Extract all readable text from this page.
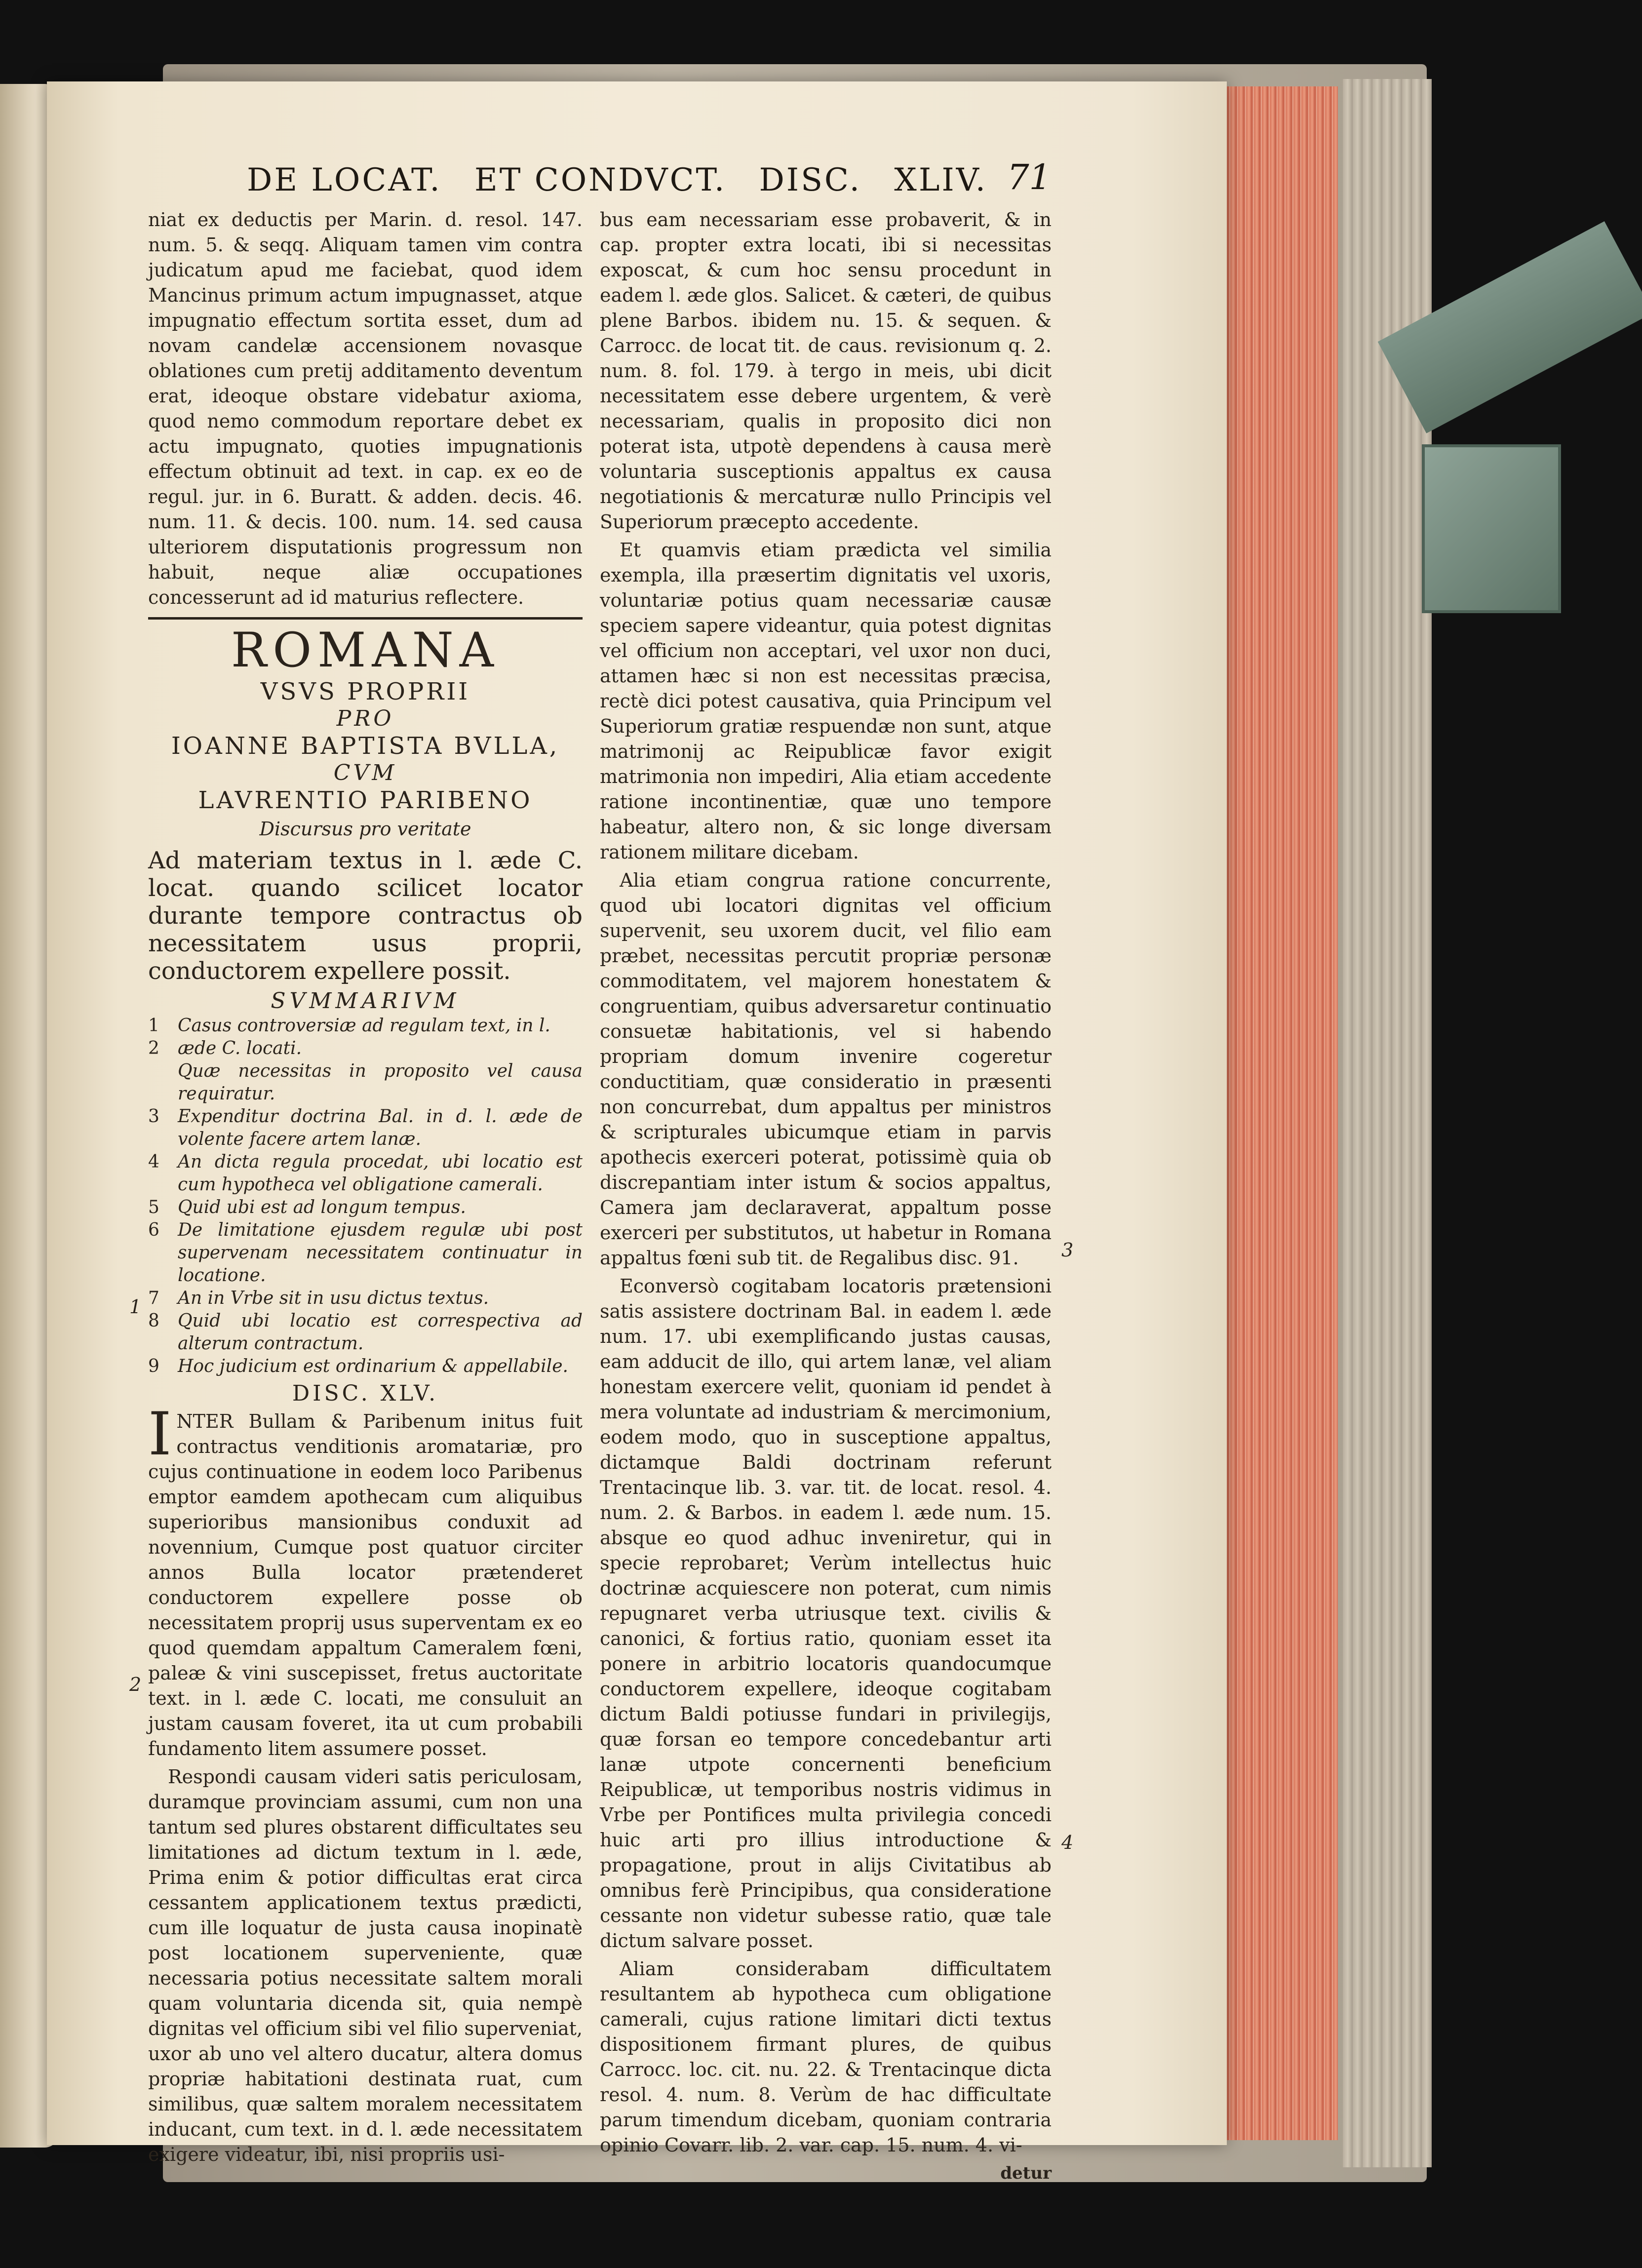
DE LOCAT. ET CONDVCT. DISC. XLIV. 71

niat ex deductis per Marin. d. resol. 147. num. 5. & seqq. Aliquam tamen vim contra judicatum apud me faciebat, quod idem Mancinus primum actum impugnasset, atque impugnatio effectum sortita esset, dum ad novam candelæ accensionem novasque oblationes cum pretij additamento deventum erat, ideoque obstare videbatur axioma, quod nemo commodum reportare debet ex actu impugnato, quoties impugnationis effectum obtinuit ad text. in cap. ex eo de regul. jur. in 6. Buratt. & adden. decis. 46. num. 11. & decis. 100. num. 14. sed causa ulteriorem disputationis progressum non habuit, neque aliæ occupationes concesserunt ad id maturius reflectere.

ROMANA
VSVS PROPRII
PRO
IOANNE BAPTISTA BVLLA,
CVM
LAVRENTIO PARIBENO
Discursus pro veritate
Ad materiam textus in l. æde C. locat. quando scilicet locator durante tempore contractus ob necessitatem usus proprii, conductorem expellere possit.
SVMMARIVM
1 Casus controversiæ ad regulam text, in l.
2 æde C. locati.
Quæ necessitas in proposito vel causa requiratur.
3 Expenditur doctrina Bal. in d. l. æde de volente facere artem lanæ.
4 An dicta regula procedat, ubi locatio est cum hypotheca vel obligatione camerali.
5 Quid ubi est ad longum tempus.
6 De limitatione ejusdem regulæ ubi post supervenam necessitatem continuatur in locatione.
7 An in Vrbe sit in usu dictus textus.
8 Quid ubi locatio est correspectiva ad alterum contractum.
9 Hoc judicium est ordinarium & appellabile.
DISC. XLV.

INTER Bullam & Paribenum initus fuit contractus venditionis aromatariæ, pro cujus continuatione in eodem loco Paribenus emptor eamdem apothecam cum aliquibus superioribus mansionibus conduxit ad novennium, Cumque post quatuor circiter annos Bulla locator prætenderet conductorem expellere posse ob necessitatem proprij usus superventam ex eo quod quemdam appaltum Cameralem fœni, paleæ & vini suscepisset, fretus auctoritate text. in l. æde C. locati, me consuluit an justam causam foveret, ita ut cum probabili fundamento litem assumere posset.

Respondi causam videri satis periculosam, duramque provinciam assumi, cum non una tantum sed plures obstarent difficultates seu limitationes ad dictum textum in l. æde, Prima enim & potior difficultas erat circa cessantem applicationem textus prædicti, cum ille loquatur de justa causa inopinatè post locationem superveniente, quæ necessaria potius necessitate saltem morali quam voluntaria dicenda sit, quia nempè dignitas vel officium sibi vel filio superveniat, uxor ab uno vel altero ducatur, altera domus propriæ habitationi destinata ruat, cum similibus, quæ saltem moralem necessitatem inducant, cum text. in d. l. æde necessitatem exigere videatur, ibi, nisi propriis usi-

bus eam necessariam esse probaverit, & in cap. propter extra locati, ibi si necessitas exposcat, & cum hoc sensu procedunt in eadem l. æde glos. Salicet. & cæteri, de quibus plene Barbos. ibidem nu. 15. & sequen. & Carrocc. de locat tit. de caus. revisionum q. 2. num. 8. fol. 179. à tergo in meis, ubi dicit necessitatem esse debere urgentem, & verè necessariam, qualis in proposito dici non poterat ista, utpotè dependens à causa merè voluntaria susceptionis appaltus ex causa negotiationis & mercaturæ nullo Principis vel Superiorum præcepto accedente.

Et quamvis etiam prædicta vel similia exempla, illa præsertim dignitatis vel uxoris, voluntariæ potius quam necessariæ causæ speciem sapere videantur, quia potest dignitas vel officium non acceptari, vel uxor non duci, attamen hæc si non est necessitas præcisa, rectè dici potest causativa, quia Principum vel Superiorum gratiæ respuendæ non sunt, atque matrimonij ac Reipublicæ favor exigit matrimonia non impediri, Alia etiam accedente ratione incontinentiæ, quæ uno tempore habeatur, altero non, & sic longe diversam rationem militare dicebam.

Alia etiam congrua ratione concurrente, quod ubi locatori dignitas vel officium supervenit, seu uxorem ducit, vel filio eam præbet, necessitas percutit propriæ personæ commoditatem, vel majorem honestatem & congruentiam, quibus adversaretur continuatio consuetæ habitationis, vel si habendo propriam domum invenire cogeretur conductitiam, quæ consideratio in præsenti non concurrebat, dum appaltus per ministros & scripturales ubicumque etiam in parvis apothecis exerceri poterat, potissimè quia ob discrepantiam inter istum & socios appaltus, Camera jam declaraverat, appaltum posse exerceri per substitutos, ut habetur in Romana appaltus fœni sub tit. de Regalibus disc. 91.

Econversò cogitabam locatoris prætensioni satis assistere doctrinam Bal. in eadem l. æde num. 17. ubi exemplificando justas causas, eam adducit de illo, qui artem lanæ, vel aliam honestam exercere velit, quoniam id pendet à mera voluntate ad industriam & mercimonium, eodem modo, quo in susceptione appaltus, dictamque Baldi doctrinam referunt Trentacinque lib. 3. var. tit. de locat. resol. 4. num. 2. & Barbos. in eadem l. æde num. 15. absque eo quod adhuc inveniretur, qui in specie reprobaret; Verùm intellectus huic doctrinæ acquiescere non poterat, cum nimis repugnaret verba utriusque text. civilis & canonici, & fortius ratio, quoniam esset ita ponere in arbitrio locatoris quandocumque conductorem expellere, ideoque cogitabam dictum Baldi potiusse fundari in privilegijs, quæ forsan eo tempore concedebantur arti lanæ utpote concernenti beneficium Reipublicæ, ut temporibus nostris vidimus in Vrbe per Pontifices multa privilegia concedi huic arti pro illius introductione & propagatione, prout in alijs Civitatibus ab omnibus ferè Principibus, qua consideratione cessante non videtur subesse ratio, quæ tale dictum salvare posset.

Aliam considerabam difficultatem resultantem ab hypotheca cum obligatione camerali, cujus ratione limitari dicti textus dispositionem firmant plures, de quibus Carrocc. loc. cit. nu. 22. & Trentacinque dicta resol. 4. num. 8. Verùm de hac difficultate parum timendum dicebam, quoniam contraria opinio Covarr. lib. 2. var. cap. 15. num. 4. vi-

detur
1
2
3
4
